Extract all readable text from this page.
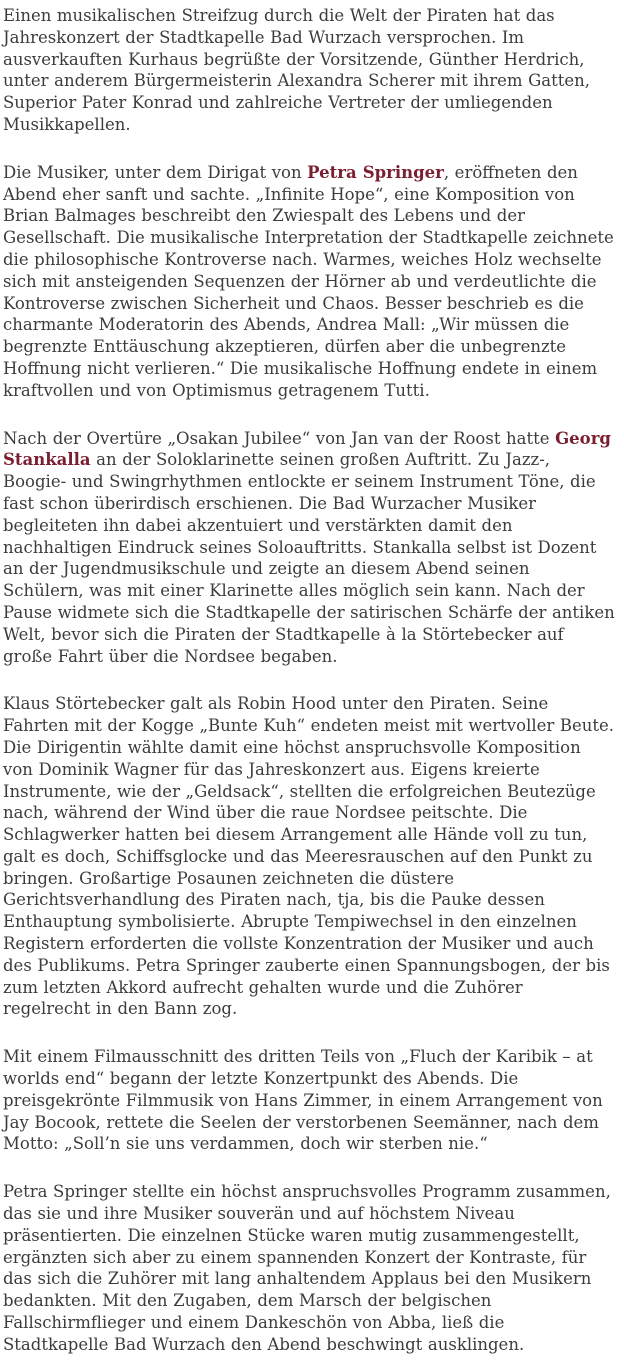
Einen musikalischen Streifzug durch die Welt der Piraten hat das Jahreskonzert der Stadtkapelle Bad Wurzach versprochen. Im ausverkauften Kurhaus begrüßte der Vorsitzende, Günther Herdrich, unter anderem Bürgermeisterin Alexandra Scherer mit ihrem Gatten, Superior Pater Konrad und zahlreiche Vertreter der umliegenden Musikkapellen.

Die Musiker, unter dem Dirigat von Petra Springer, eröffneten den Abend eher sanft und sachte. „Infinite Hope“, eine Komposition von Brian Balmages beschreibt den Zwiespalt des Lebens und der Gesellschaft. Die musikalische Interpretation der Stadtkapelle zeichnete die philosophische Kontroverse nach. Warmes, weiches Holz wechselte sich mit ansteigenden Sequenzen der Hörner ab und verdeutlichte die Kontroverse zwischen Sicherheit und Chaos. Besser beschrieb es die charmante Moderatorin des Abends, Andrea Mall: „Wir müssen die begrenzte Enttäuschung akzeptieren, dürfen aber die unbegrenzte Hoffnung nicht verlieren.“ Die musikalische Hoffnung endete in einem kraftvollen und von Optimismus getragenem Tutti.

Nach der Overtüre „Osakan Jubilee“ von Jan van der Roost hatte Georg Stankalla an der Soloklarinette seinen großen Auftritt. Zu Jazz-, Boogie- und Swingrhythmen entlockte er seinem Instrument Töne, die fast schon überirdisch erschienen. Die Bad Wurzacher Musiker begleiteten ihn dabei akzentuiert und verstärkten damit den nachhaltigen Eindruck seines Soloauftritts. Stankalla selbst ist Dozent an der Jugendmusikschule und zeigte an diesem Abend seinen Schülern, was mit einer Klarinette alles möglich sein kann. Nach der Pause widmete sich die Stadtkapelle der satirischen Schärfe der antiken Welt, bevor sich die Piraten der Stadtkapelle à la Störtebecker auf große Fahrt über die Nordsee begaben.

Klaus Störtebecker galt als Robin Hood unter den Piraten. Seine Fahrten mit der Kogge „Bunte Kuh“ endeten meist mit wertvoller Beute. Die Dirigentin wählte damit eine höchst anspruchsvolle Komposition von Dominik Wagner für das Jahreskonzert aus. Eigens kreierte Instrumente, wie der „Geldsack“, stellten die erfolgreichen Beutezüge nach, während der Wind über die raue Nordsee peitschte. Die Schlagwerker hatten bei diesem Arrangement alle Hände voll zu tun, galt es doch, Schiffsglocke und das Meeresrauschen auf den Punkt zu bringen. Großartige Posaunen zeichneten die düstere Gerichtsverhandlung des Piraten nach, tja, bis die Pauke dessen Enthauptung symbolisierte. Abrupte Tempiwechsel in den einzelnen Registern erforderten die vollste Konzentration der Musiker und auch des Publikums. Petra Springer zauberte einen Spannungsbogen, der bis zum letzten Akkord aufrecht gehalten wurde und die Zuhörer regelrecht in den Bann zog.

Mit einem Filmausschnitt des dritten Teils von „Fluch der Karibik – at worlds end“ begann der letzte Konzertpunkt des Abends. Die preisgekrönte Filmmusik von Hans Zimmer, in einem Arrangement von Jay Bocook, rettete die Seelen der verstorbenen Seemänner, nach dem Motto: „Soll’n sie uns verdammen, doch wir sterben nie.“

Petra Springer stellte ein höchst anspruchsvolles Programm zusammen, das sie und ihre Musiker souverän und auf höchstem Niveau präsentierten. Die einzelnen Stücke waren mutig zusammengestellt, ergänzten sich aber zu einem spannenden Konzert der Kontraste, für das sich die Zuhörer mit lang anhaltendem Applaus bei den Musikern bedankten. Mit den Zugaben, dem Marsch der belgischen Fallschirmflieger und einem Dankeschön von Abba, ließ die Stadtkapelle Bad Wurzach den Abend beschwingt ausklingen.
